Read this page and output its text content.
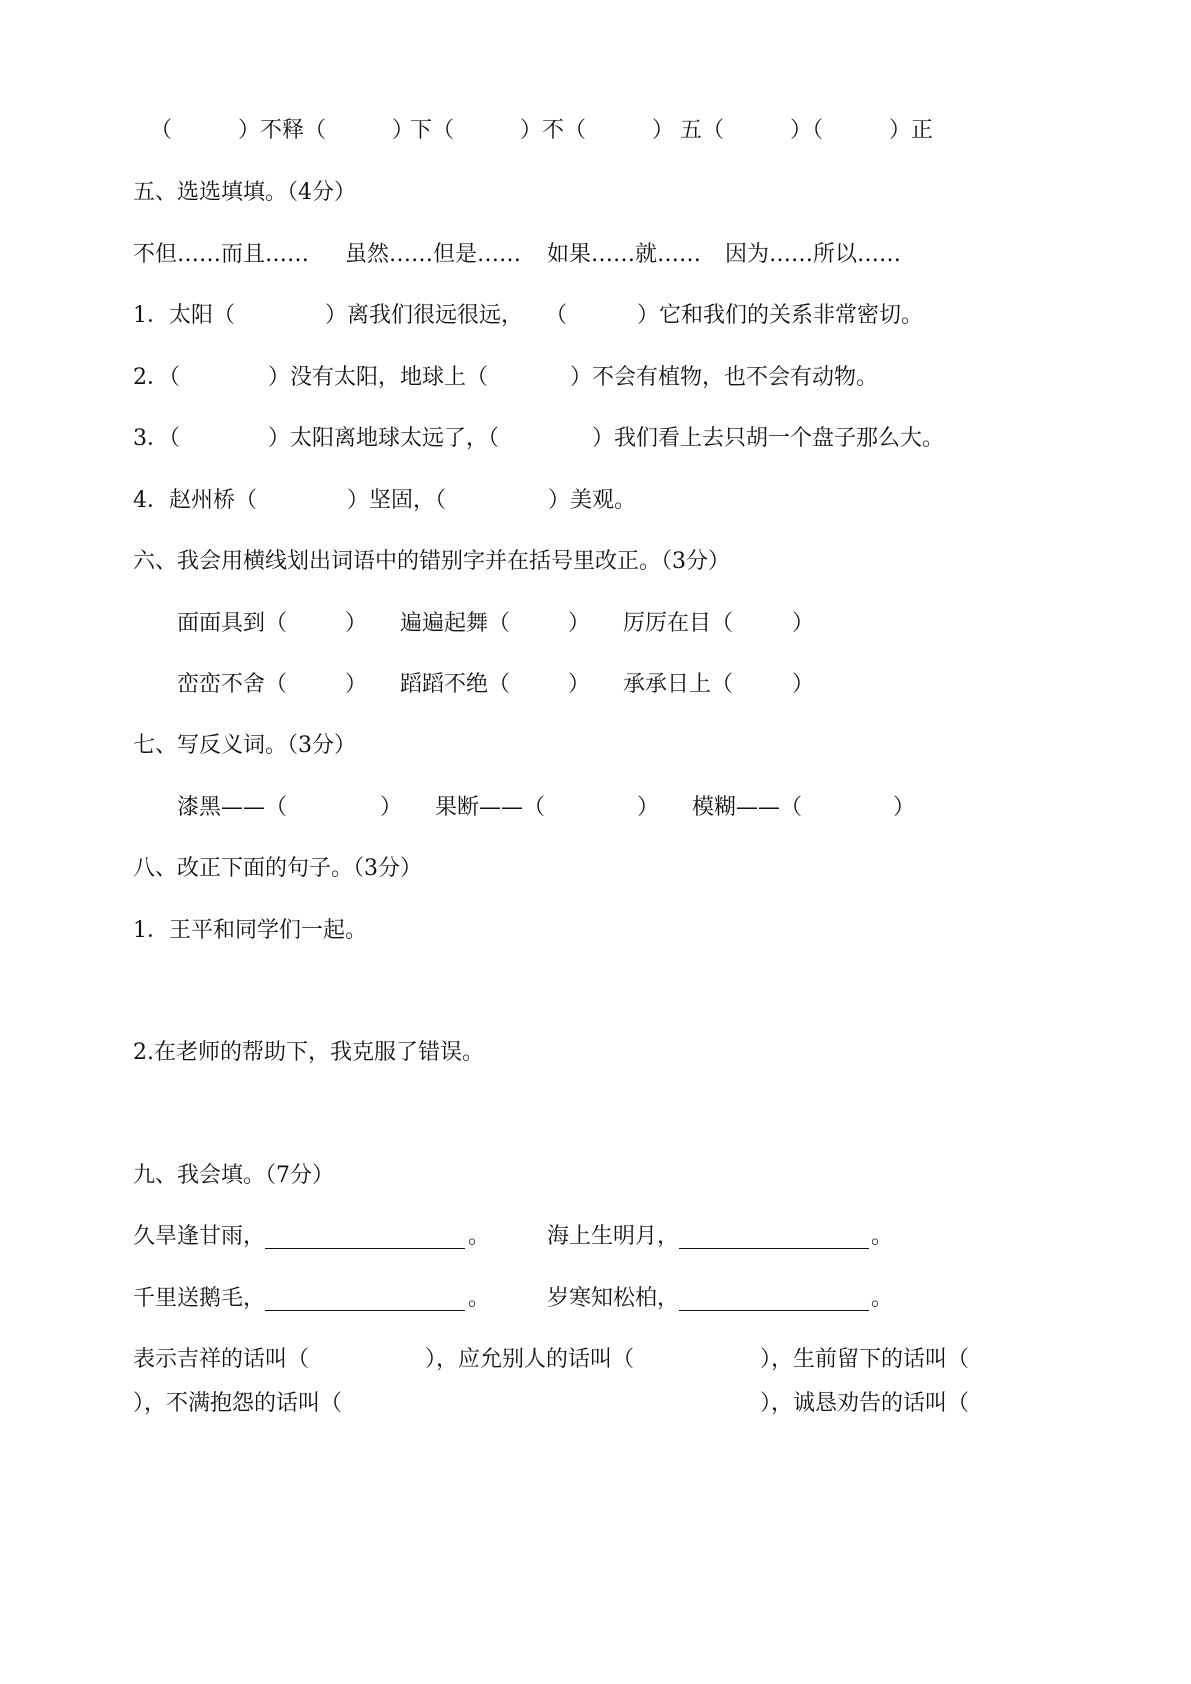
（　　　）不释（　　　）

下（　　　）不（　　　）

五（　　　）（　　　）正

五、选选填填。（4分）

不但……而且……

虽然……但是……

如果……就……

因为……所以……

1．太阳（

	）离我们很远很远，

（

	）它和我们的关系非常密切。

2．（

	）没有太阳，地球上（

	）不会有植物，也不会有动物。

3．（

	）太阳离地球太远了，（

	）我们看上去只胡一个盘子那么大。

4．赵州桥（

	）坚固，（

	）美观。

六、我会用横线划出词语中的错别字并在括号里改正。（3分）

面面具到（

	）

遍遍起舞（

	）

厉厉在目（

	）

峦峦不舍（

	）

蹈蹈不绝（

	）

承承日上（

	）

七、写反义词。（3分）

漆黑——（

	）

果断——（

	）

模糊——（

	）

八、改正下面的句子。（3分）

1．王平和同学们一起。

2.在老师的帮助下，我克服了错误。

九、我会填。（7分）

久旱逢甘雨，

	。

	海上生明月，

	。

千里送鹅毛，

	。

	岁寒知松柏，

	。

表示吉祥的话叫（

	），应允别人的话叫（

	），生前留下的话叫（

），不满抱怨的话叫（

	），诚恳劝告的话叫（
